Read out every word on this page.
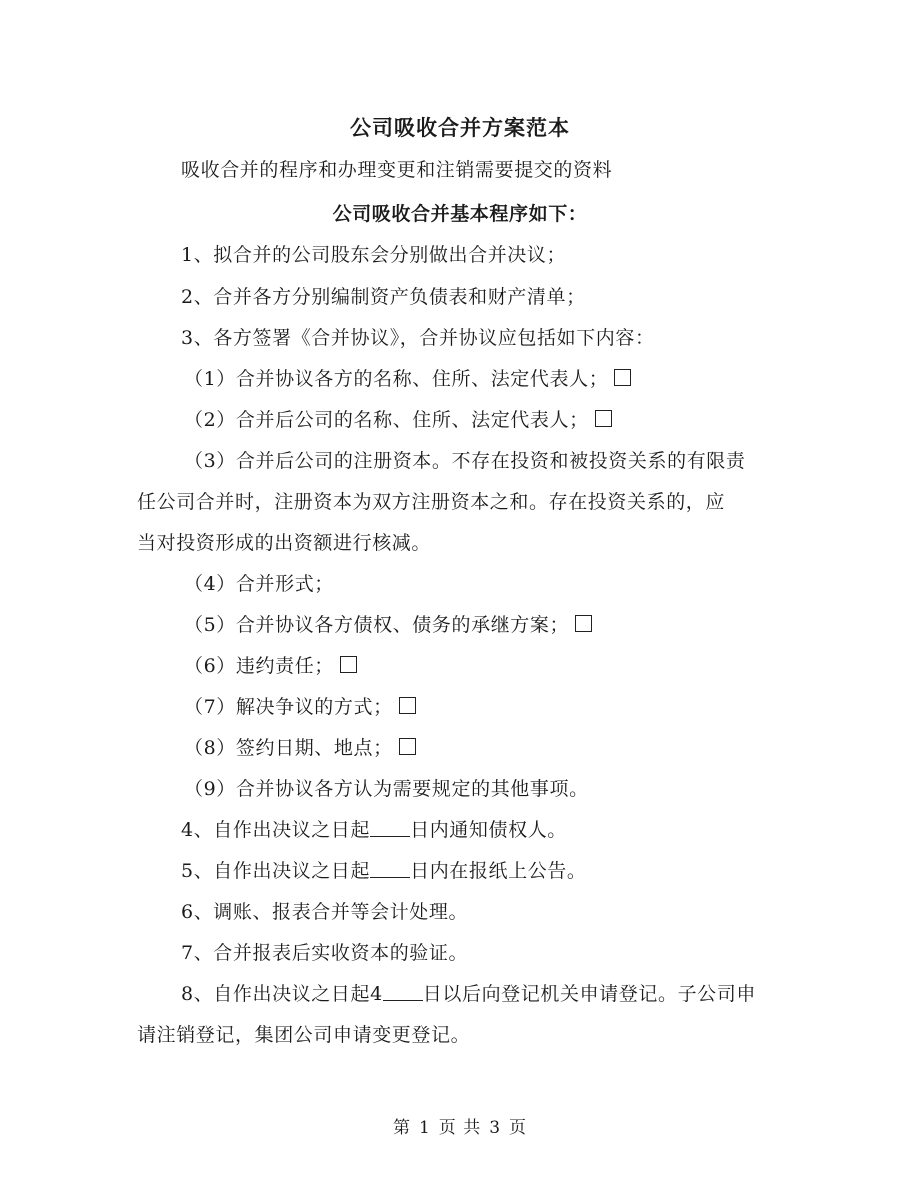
公司吸收合并方案范本
吸收合并的程序和办理变更和注销需要提交的资料
公司吸收合并基本程序如下：
1、拟合并的公司股东会分别做出合并决议；
2、合并各方分别编制资产负债表和财产清单；
3、各方签署《合并协议》，合并协议应包括如下内容：
（1）合并协议各方的名称、住所、法定代表人；
（2）合并后公司的名称、住所、法定代表人；
（3）合并后公司的注册资本。不存在投资和被投资关系的有限责
任公司合并时，注册资本为双方注册资本之和。存在投资关系的，应
当对投资形成的出资额进行核减。
（4）合并形式；
（5）合并协议各方债权、债务的承继方案；
（6）违约责任；
（7）解决争议的方式；
（8）签约日期、地点；
（9）合并协议各方认为需要规定的其他事项。
4、自作出决议之日起 日内通知债权人。
5、自作出决议之日起 日内在报纸上公告。
6、调账、报表合并等会计处理。
7、合并报表后实收资本的验证。
8、自作出决议之日起4 日以后向登记机关申请登记。子公司申
请注销登记，集团公司申请变更登记。
第 1 页 共 3 页
